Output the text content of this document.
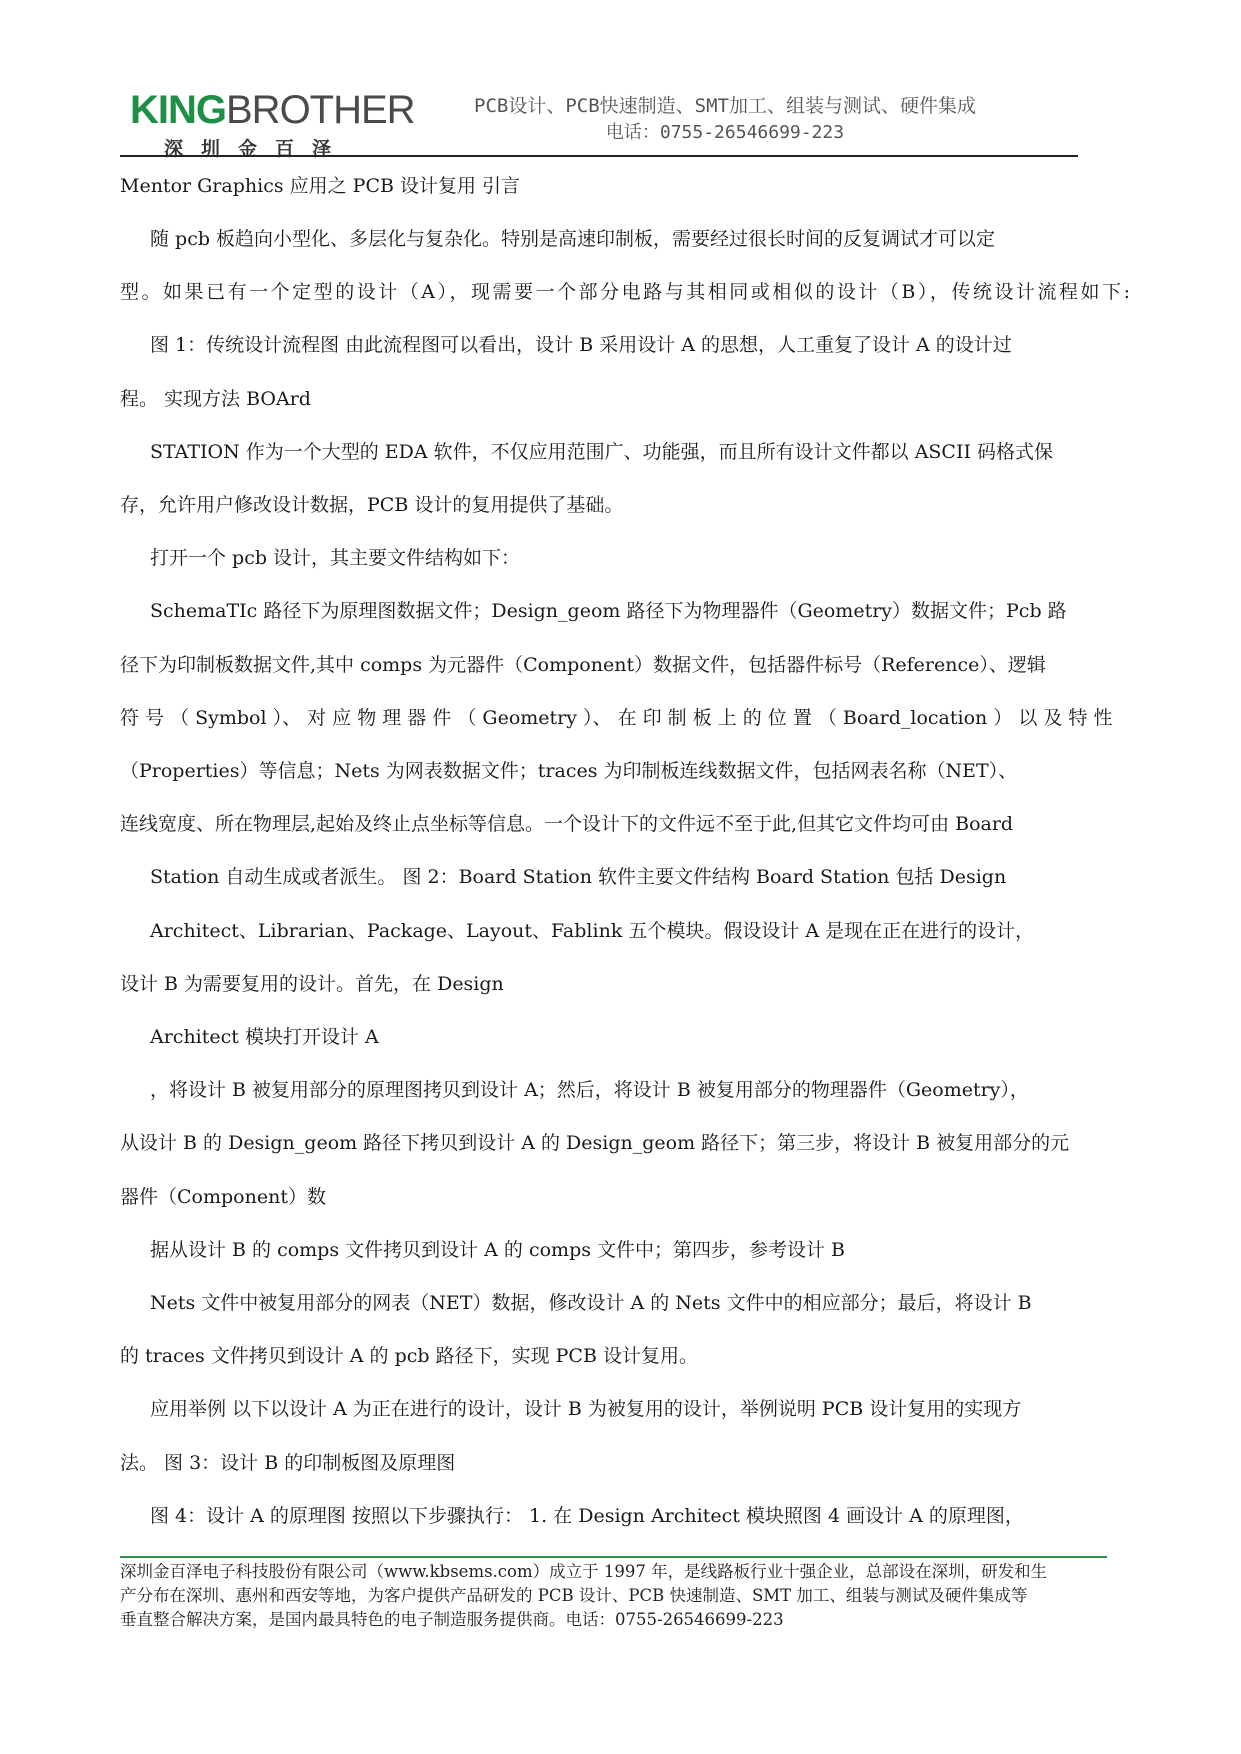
KINGBROTHER
深圳金百泽
PCB设计、PCB快速制造、SMT加工、组装与测试、硬件集成
电话：0755-26546699-223
Mentor Graphics 应用之 PCB 设计复用 引言
随 pcb 板趋向小型化、多层化与复杂化。特别是高速印制板，需要经过很长时间的反复调试才可以定
型。如果已有一个定型的设计（A），现需要一个部分电路与其相同或相似的设计（B），传统设计流程如下:
图 1：传统设计流程图 由此流程图可以看出，设计 B 采用设计 A 的思想，人工重复了设计 A 的设计过
程。 实现方法 BOArd
STATION 作为一个大型的 EDA 软件，不仅应用范围广、功能强，而且所有设计文件都以 ASCII 码格式保
存，允许用户修改设计数据，PCB 设计的复用提供了基础。
打开一个 pcb 设计，其主要文件结构如下：
SchemaTIc 路径下为原理图数据文件；Design_geom 路径下为物理器件（Geometry）数据文件；Pcb 路
径下为印制板数据文件,其中 comps 为元器件（Component）数据文件，包括器件标号（Reference）、逻辑
符 号 （ Symbol ）、 对 应 物 理 器 件 （ Geometry ）、 在 印 制 板 上 的 位 置 （ Board_location ） 以 及 特 性
（Properties）等信息；Nets 为网表数据文件；traces 为印制板连线数据文件，包括网表名称（NET）、
连线宽度、所在物理层,起始及终止点坐标等信息。一个设计下的文件远不至于此,但其它文件均可由 Board
Station 自动生成或者派生。 图 2：Board Station 软件主要文件结构 Board Station 包括 Design
Architect、Librarian、Package、Layout、Fablink 五个模块。假设设计 A 是现在正在进行的设计，
设计 B 为需要复用的设计。首先，在 Design
Architect 模块打开设计 A
，将设计 B 被复用部分的原理图拷贝到设计 A；然后，将设计 B 被复用部分的物理器件（Geometry），
从设计 B 的 Design_geom 路径下拷贝到设计 A 的 Design_geom 路径下；第三步，将设计 B 被复用部分的元
器件（Component）数
据从设计 B 的 comps 文件拷贝到设计 A 的 comps 文件中；第四步，参考设计 B
Nets 文件中被复用部分的网表（NET）数据，修改设计 A 的 Nets 文件中的相应部分；最后，将设计 B
的 traces 文件拷贝到设计 A 的 pcb 路径下，实现 PCB 设计复用。
应用举例 以下以设计 A 为正在进行的设计，设计 B 为被复用的设计，举例说明 PCB 设计复用的实现方
法。 图 3：设计 B 的印制板图及原理图
图 4：设计 A 的原理图 按照以下步骤执行： 1. 在 Design Architect 模块照图 4 画设计 A 的原理图，
深圳金百泽电子科技股份有限公司（www.kbsems.com）成立于 1997 年，是线路板行业十强企业，总部设在深圳，研发和生
产分布在深圳、惠州和西安等地，为客户提供产品研发的 PCB 设计、PCB 快速制造、SMT 加工、组装与测试及硬件集成等
垂直整合解决方案，是国内最具特色的电子制造服务提供商。电话：0755-26546699-223
